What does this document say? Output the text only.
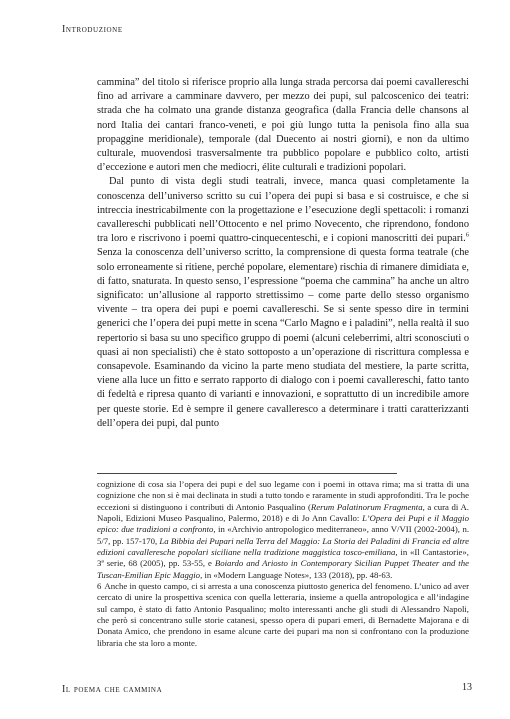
Introduzione

cammina” del titolo si riferisce proprio alla lunga strada percorsa dai poemi cavallereschi fino ad arrivare a camminare davvero, per mezzo dei pupi, sul palcoscenico dei teatri: strada che ha colmato una grande distanza geografica (dalla Francia delle chansons al nord Italia dei cantari franco-veneti, e poi giù lungo tutta la penisola fino alla sua propaggine meridionale), temporale (dal Duecento ai nostri giorni), e non da ultimo culturale, muovendosi trasversalmente tra pubblico popolare e pubblico colto, artisti d’eccezione e autori men che mediocri, élite culturali e tradizioni popolari.

Dal punto di vista degli studi teatrali, invece, manca quasi completamente la conoscenza dell’universo scritto su cui l’opera dei pupi si basa e si costruisce, e che si intreccia inestricabilmente con la progettazione e l’esecuzione degli spettacoli: i romanzi cavallereschi pubblicati nell’Ottocento e nel primo Novecento, che riprendono, fondono tra loro e riscrivono i poemi quattro-cinquecenteschi, e i copioni manoscritti dei pupari.$^6$ Senza la conoscenza dell’universo scritto, la comprensione di questa forma teatrale (che solo erroneamente si ritiene, perché popolare, elementare) rischia di rimanere dimidiata e, di fatto, snaturata. In questo senso, l’espressione “poema che cammina” ha anche un altro significato: un’allusione al rapporto strettissimo – come parte dello stesso organismo vivente – tra opera dei pupi e poemi cavallereschi. Se si sente spesso dire in termini generici che l’opera dei pupi mette in scena “Carlo Magno e i paladini”, nella realtà il suo repertorio si basa su uno specifico gruppo di poemi (alcuni celeberrimi, altri sconosciuti o quasi ai non specialisti) che è stato sottoposto a un’operazione di riscrittura complessa e consapevole. Esaminando da vicino la parte meno studiata del mestiere, la parte scritta, viene alla luce un fitto e serrato rapporto di dialogo con i poemi cavallereschi, fatto tanto di fedeltà e ripresa quanto di varianti e innovazioni, e soprattutto di un incredibile amore per queste storie. Ed è sempre il genere cavalleresco a determinare i tratti caratterizzanti dell’opera dei pupi, dal punto

cognizione di cosa sia l’opera dei pupi e del suo legame con i poemi in ottava rima; ma si tratta di una cognizione che non si è mai declinata in studi a tutto tondo e raramente in studi approfonditi. Tra le poche eccezioni si distinguono i contributi di Antonio Pasqualino (Rerum Palatinorum Fragmenta, a cura di A. Napoli, Edizioni Museo Pasqualino, Palermo, 2018) e di Jo Ann Cavallo: L’Opera dei Pupi e il Maggio epico: due tradizioni a confronto, in «Archivio antropologico mediterraneo», anno V/VII (2002-2004), n. 5/7, pp. 157-170, La Bibbia dei Pupari nella Terra del Maggio: La Storia dei Paladini di Francia ed altre edizioni cavalleresche popolari siciliane nella tradizione maggistica tosco-emiliana, in «Il Cantastorie», 3ª serie, 68 (2005), pp. 53-55, e Boiardo and Ariosto in Contemporary Sicilian Puppet Theater and the Tuscan-Emilian Epic Maggio, in «Modern Language Notes», 133 (2018), pp. 48-63.

6 Anche in questo campo, ci si arresta a una conoscenza piuttosto generica del fenomeno. L’unico ad aver cercato di unire la prospettiva scenica con quella letteraria, insieme a quella antropologica e all’indagine sul campo, è stato di fatto Antonio Pasqualino; molto interessanti anche gli studi di Alessandro Napoli, che però si concentrano sulle storie catanesi, spesso opera di pupari emeri, di Bernadette Majorana e di Donata Amico, che prendono in esame alcune carte dei pupari ma non si confrontano con la produzione libraria che sta loro a monte.

Il poema che cammina	13
